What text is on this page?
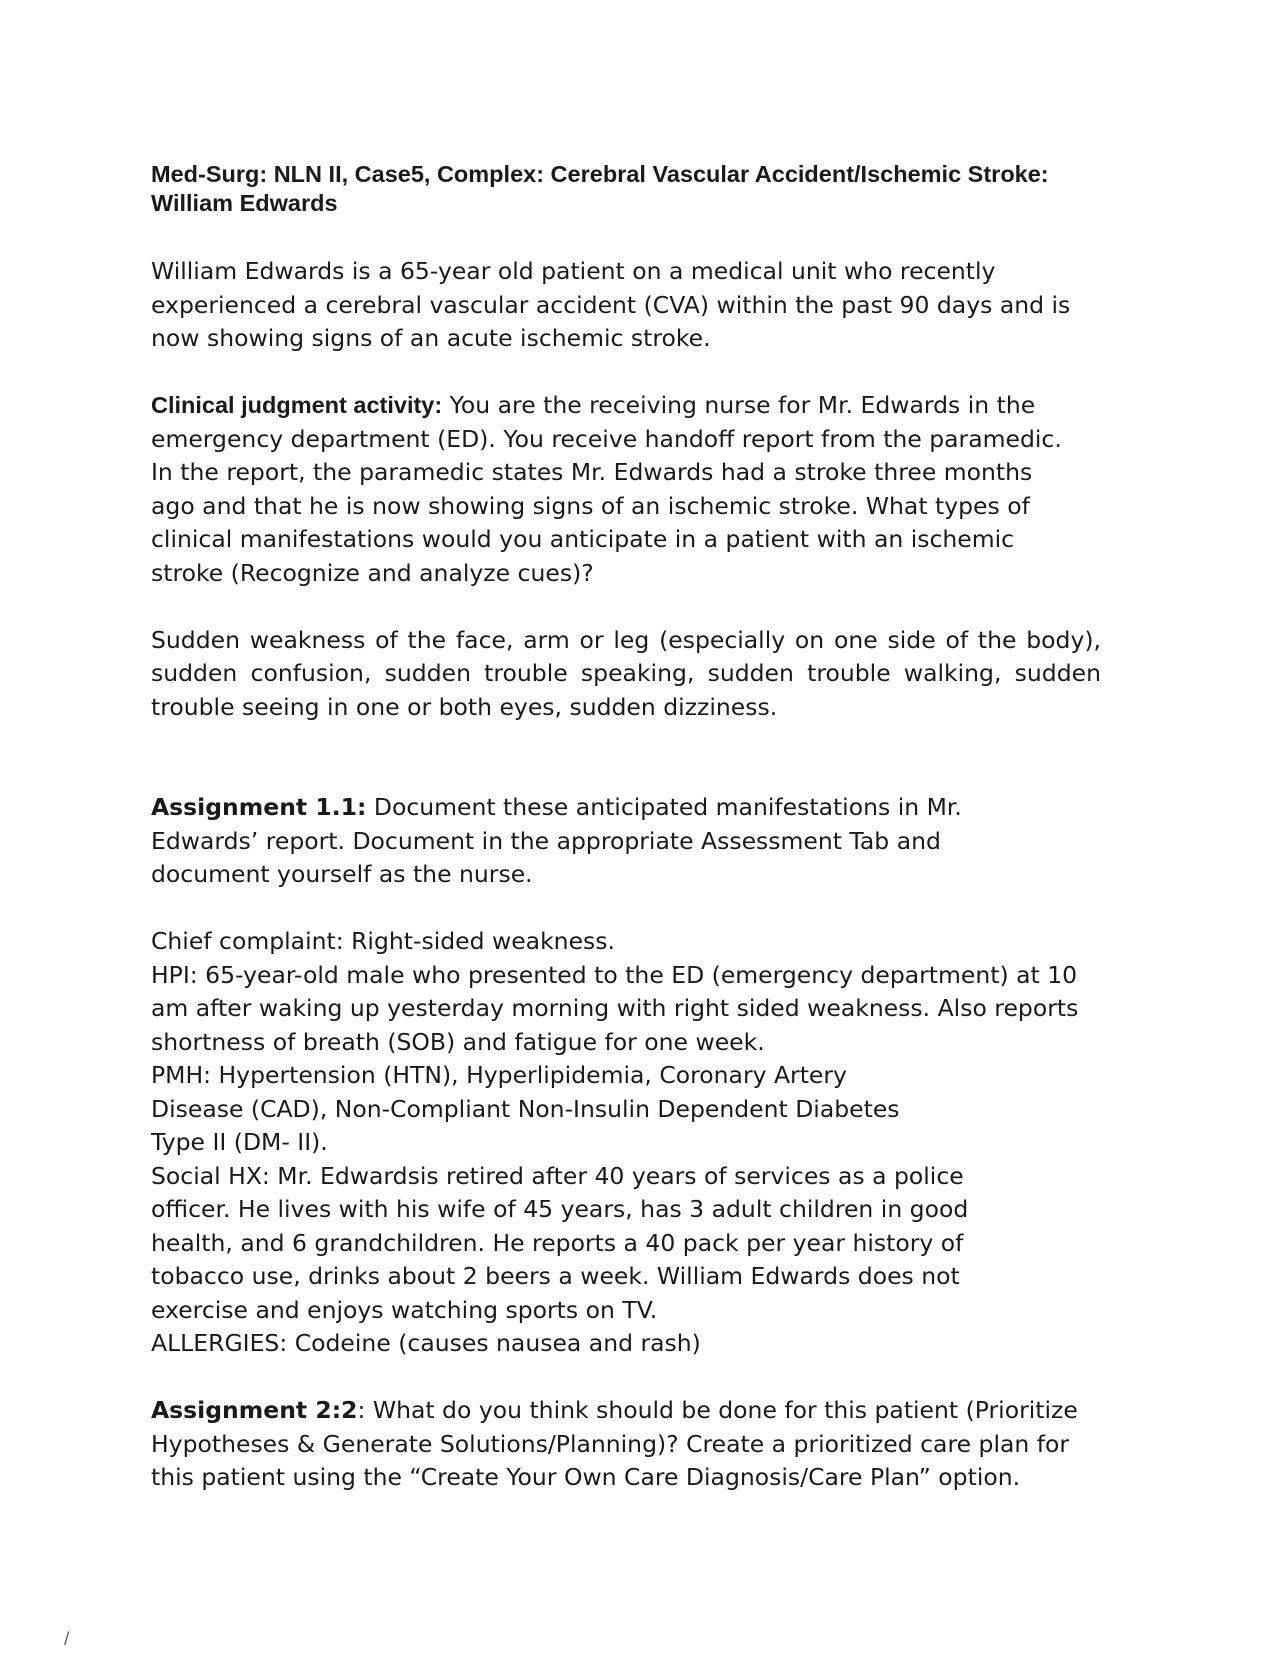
Med-Surg: NLN II, Case5, Complex: Cerebral Vascular Accident/Ischemic Stroke: William Edwards

William Edwards is a 65-year old patient on a medical unit who recently experienced a cerebral vascular accident (CVA) within the past 90 days and is now showing signs of an acute ischemic stroke.

Clinical judgment activity: You are the receiving nurse for Mr. Edwards in the emergency department (ED). You receive handoff report from the paramedic. In the report, the paramedic states Mr. Edwards had a stroke three months ago and that he is now showing signs of an ischemic stroke. What types of clinical manifestations would you anticipate in a patient with an ischemic stroke (Recognize and analyze cues)?

Sudden weakness of the face, arm or leg (especially on one side of the body), sudden confusion, sudden trouble speaking, sudden trouble walking, sudden trouble seeing in one or both eyes, sudden dizziness.

Assignment 1.1: Document these anticipated manifestations in Mr. Edwards’ report. Document in the appropriate Assessment Tab and document yourself as the nurse.

Chief complaint: Right-sided weakness.

HPI: 65-year-old male who presented to the ED (emergency department) at 10 am after waking up yesterday morning with right sided weakness. Also reports shortness of breath (SOB) and fatigue for one week.

PMH: Hypertension (HTN), Hyperlipidemia, Coronary Artery Disease (CAD), Non-Compliant Non-Insulin Dependent Diabetes Type II (DM- II).

Social HX: Mr. Edwardsis retired after 40 years of services as a police officer. He lives with his wife of 45 years, has 3 adult children in good health, and 6 grandchildren. He reports a 40 pack per year history of tobacco use, drinks about 2 beers a week. William Edwards does not exercise and enjoys watching sports on TV.

ALLERGIES: Codeine (causes nausea and rash)

Assignment 2:2: What do you think should be done for this patient (Prioritize Hypotheses & Generate Solutions/Planning)? Create a prioritized care plan for this patient using the “Create Your Own Care Diagnosis/Care Plan” option.

/
